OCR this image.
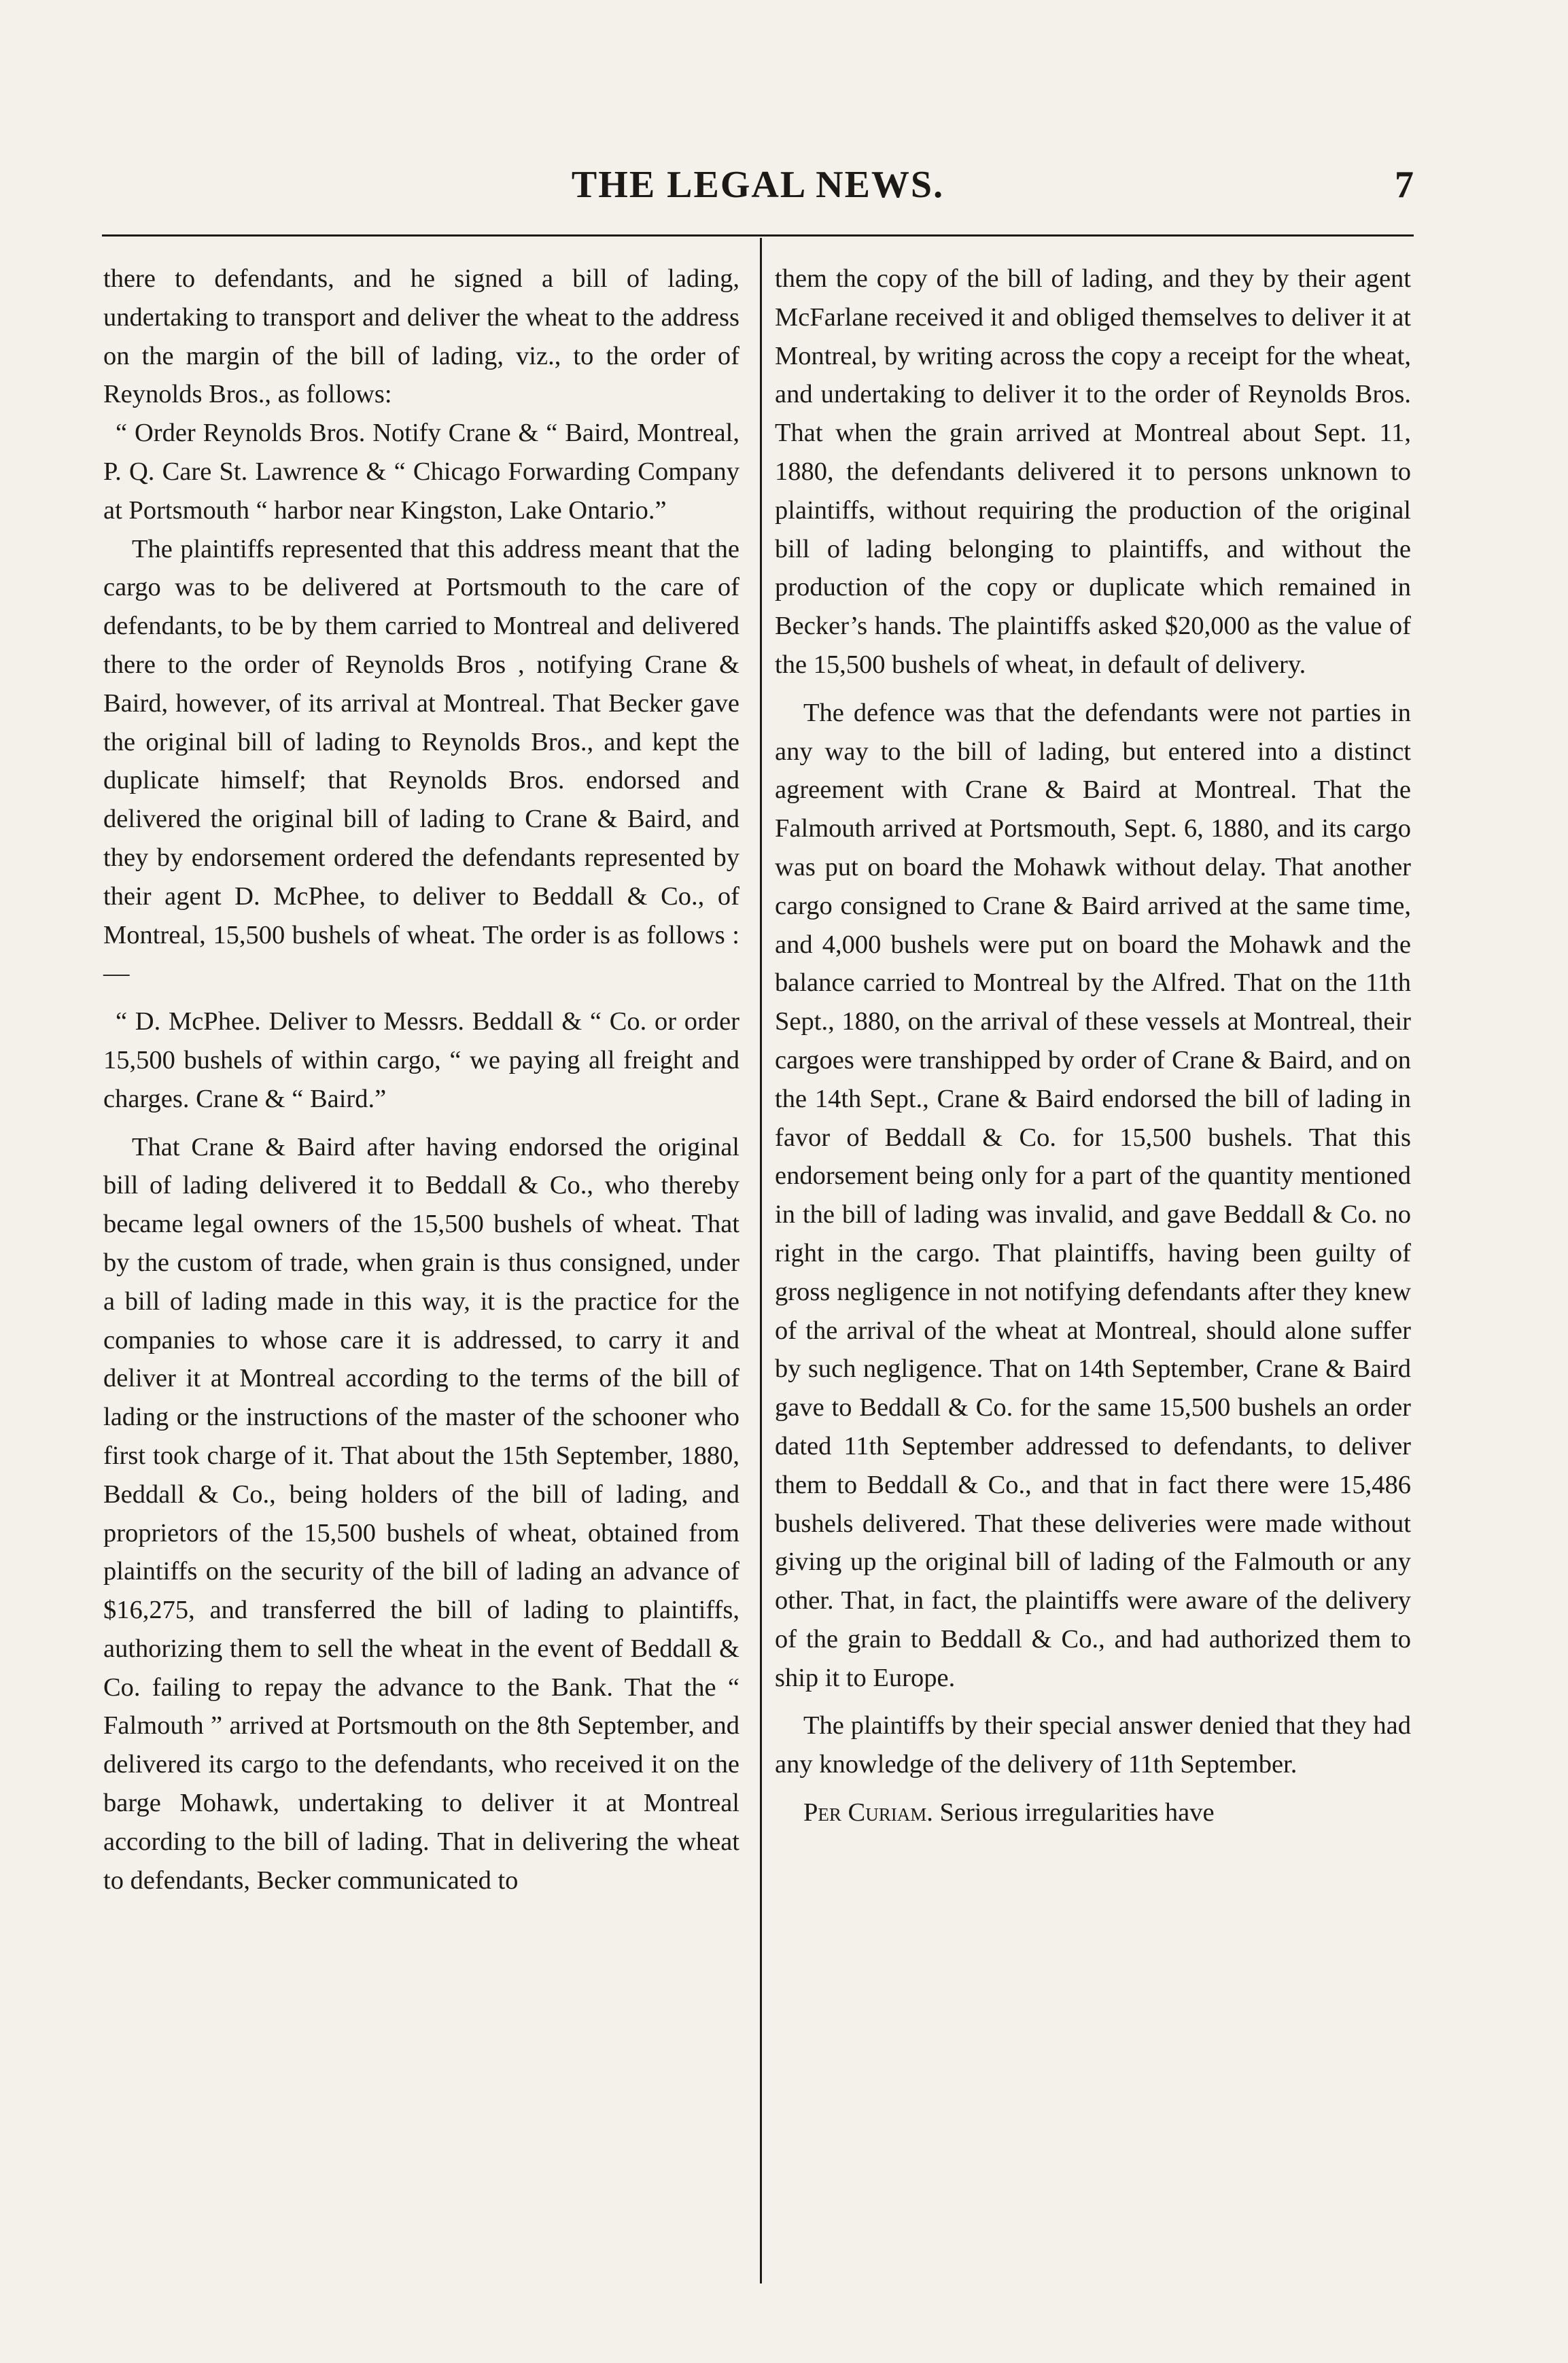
THE LEGAL NEWS.	7

there to defendants, and he signed a bill of lading, undertaking to transport and deliver the wheat to the address on the margin of the bill of lading, viz., to the order of Reynolds Bros., as follows:

“ Order Reynolds Bros. Notify Crane & “ Baird, Montreal, P. Q. Care St. Lawrence & “ Chicago Forwarding Company at Portsmouth “ harbor near Kingston, Lake Ontario.”

The plaintiffs represented that this address meant that the cargo was to be delivered at Portsmouth to the care of defendants, to be by them carried to Montreal and delivered there to the order of Reynolds Bros , notifying Crane & Baird, however, of its arrival at Montreal. That Becker gave the original bill of lading to Reynolds Bros., and kept the duplicate himself; that Reynolds Bros. endorsed and delivered the original bill of lading to Crane & Baird, and they by endorsement ordered the defendants represented by their agent D. McPhee, to deliver to Beddall & Co., of Montreal, 15,500 bushels of wheat. The order is as follows :—

“ D. McPhee. Deliver to Messrs. Beddall & “ Co. or order 15,500 bushels of within cargo, “ we paying all freight and charges. Crane & “ Baird.”

That Crane & Baird after having endorsed the original bill of lading delivered it to Beddall & Co., who thereby became legal owners of the 15,500 bushels of wheat. That by the custom of trade, when grain is thus consigned, under a bill of lading made in this way, it is the practice for the companies to whose care it is addressed, to carry it and deliver it at Montreal according to the terms of the bill of lading or the instructions of the master of the schooner who first took charge of it. That about the 15th September, 1880, Beddall & Co., being holders of the bill of lading, and proprietors of the 15,500 bushels of wheat, obtained from plaintiffs on the security of the bill of lading an advance of $16,275, and transferred the bill of lading to plaintiffs, authorizing them to sell the wheat in the event of Beddall & Co. failing to repay the advance to the Bank. That the “ Falmouth ” arrived at Portsmouth on the 8th September, and delivered its cargo to the defendants, who received it on the barge Mohawk, undertaking to deliver it at Montreal according to the bill of lading. That in delivering the wheat to defendants, Becker communicated to

them the copy of the bill of lading, and they by their agent McFarlane received it and obliged themselves to deliver it at Montreal, by writing across the copy a receipt for the wheat, and undertaking to deliver it to the order of Reynolds Bros. That when the grain arrived at Montreal about Sept. 11, 1880, the defendants delivered it to persons unknown to plaintiffs, without requiring the production of the original bill of lading belonging to plaintiffs, and without the production of the copy or duplicate which remained in Becker’s hands. The plaintiffs asked $20,000 as the value of the 15,500 bushels of wheat, in default of delivery.

The defence was that the defendants were not parties in any way to the bill of lading, but entered into a distinct agreement with Crane & Baird at Montreal. That the Falmouth arrived at Portsmouth, Sept. 6, 1880, and its cargo was put on board the Mohawk without delay. That another cargo consigned to Crane & Baird arrived at the same time, and 4,000 bushels were put on board the Mohawk and the balance carried to Montreal by the Alfred. That on the 11th Sept., 1880, on the arrival of these vessels at Montreal, their cargoes were transhipped by order of Crane & Baird, and on the 14th Sept., Crane & Baird endorsed the bill of lading in favor of Beddall & Co. for 15,500 bushels. That this endorsement being only for a part of the quantity mentioned in the bill of lading was invalid, and gave Beddall & Co. no right in the cargo. That plaintiffs, having been guilty of gross negligence in not notifying defendants after they knew of the arrival of the wheat at Montreal, should alone suffer by such negligence. That on 14th September, Crane & Baird gave to Beddall & Co. for the same 15,500 bushels an order dated 11th September addressed to defendants, to deliver them to Beddall & Co., and that in fact there were 15,486 bushels delivered. That these deliveries were made without giving up the original bill of lading of the Falmouth or any other. That, in fact, the plaintiffs were aware of the delivery of the grain to Beddall & Co., and had authorized them to ship it to Europe.

The plaintiffs by their special answer denied that they had any knowledge of the delivery of 11th September.

Per Curiam. Serious irregularities have
